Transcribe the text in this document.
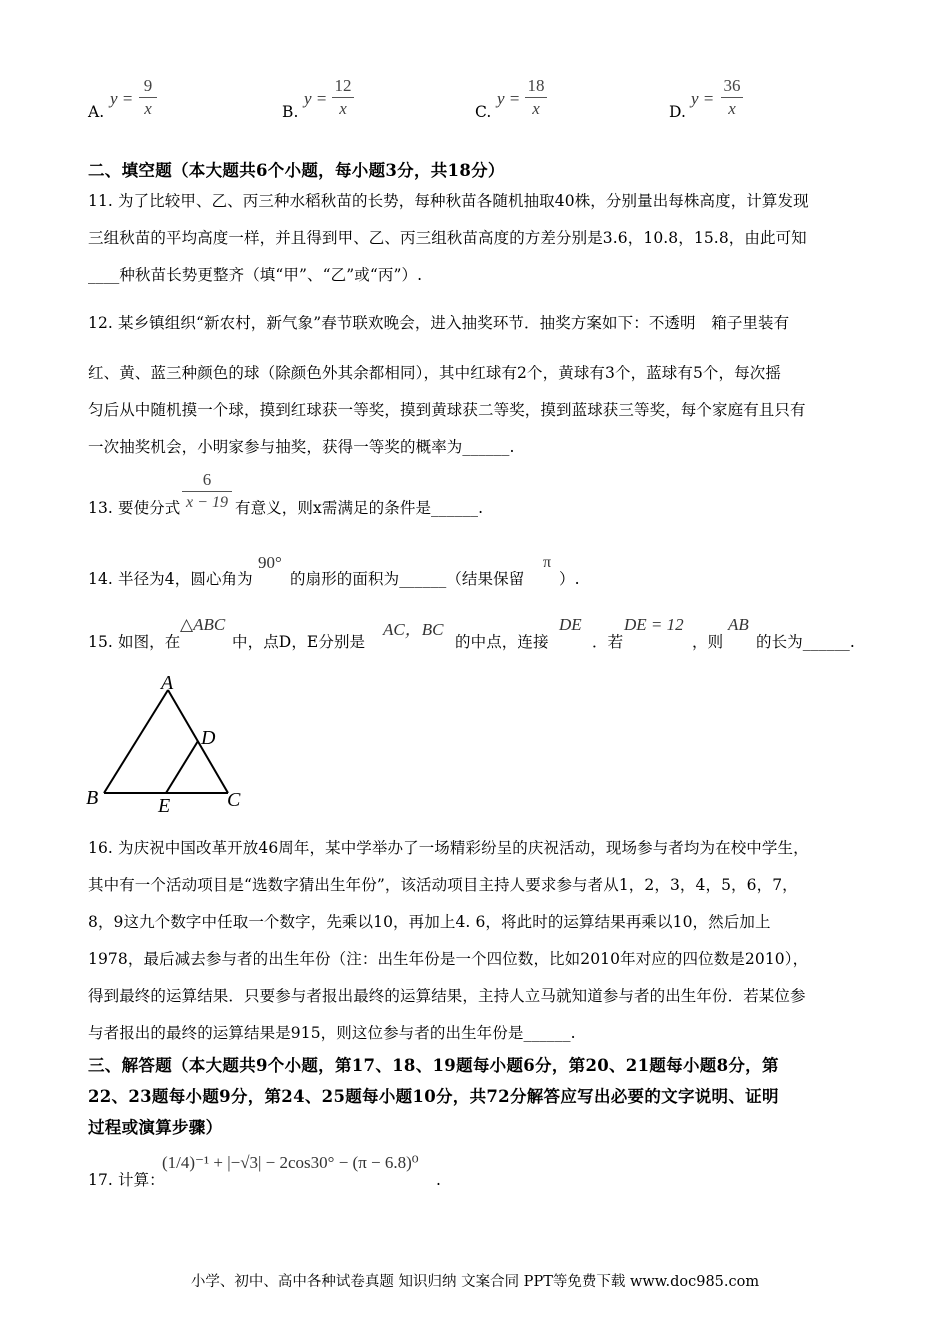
A.
y =
9
x	B.
y =
12
x	C.
y =
18
x	D.
y =
36
x
二、填空题（本大题共6个小题，每小题3分，共18分）
11. 为了比较甲、乙、丙三种水稻秋苗的长势，每种秋苗各随机抽取40株，分别量出每株高度，计算发现
三组秋苗的平均高度一样，并且得到甲、乙、丙三组秋苗高度的方差分别是3.6，10.8，15.8，由此可知
____种秋苗长势更整齐（填“甲”、“乙”或“丙”）.
12. 某乡镇组织“新农村，新气象”春节联欢晚会，进入抽奖环节．抽奖方案如下：不透明　箱子里装有
红、黄、蓝三种颜色的球（除颜色外其余都相同），其中红球有2个，黄球有3个，蓝球有5个，每次摇
匀后从中随机摸一个球，摸到红球获一等奖，摸到黄球获二等奖，摸到蓝球获三等奖，每个家庭有且只有
一次抽奖机会，小明家参与抽奖，获得一等奖的概率为______.
13. 要使分式
6
x − 19 有意义，则x需满足的条件是______.
14. 半径为4，圆心角为
90°
的扇形的面积为______（结果保留
π
）.
15. 如图，在
△ABC
中，点D，E分别是
AC，BC
的中点，连接
DE
．若
DE = 12
，则
AB
的长为______.
A
B	C
D
E
16. 为庆祝中国改革开放46周年，某中学举办了一场精彩纷呈的庆祝活动，现场参与者均为在校中学生，
其中有一个活动项目是“选数字猜出生年份”，该活动项目主持人要求参与者从1，2，3，4，5，6，7，
8，9这九个数字中任取一个数字，先乘以10，再加上4. 6，将此时的运算结果再乘以10，然后加上
1978，最后减去参与者的出生年份（注：出生年份是一个四位数，比如2010年对应的四位数是2010），
得到最终的运算结果．只要参与者报出最终的运算结果，主持人立马就知道参与者的出生年份．若某位参
与者报出的最终的运算结果是915，则这位参与者的出生年份是______.
三、解答题（本大题共9个小题，第17、18、19题每小题6分，第20、21题每小题8分，第
22、23题每小题9分，第24、25题每小题10分，共72分解答应写出必要的文字说明、证明
过程或演算步骤）
17. 计算：
(1/4)⁻¹ + |−√3| − 2cos30° − (π − 6.8)⁰
.
小学、初中、高中各种试卷真题 知识归纳 文案合同 PPT等免费下载 www.doc985.com
